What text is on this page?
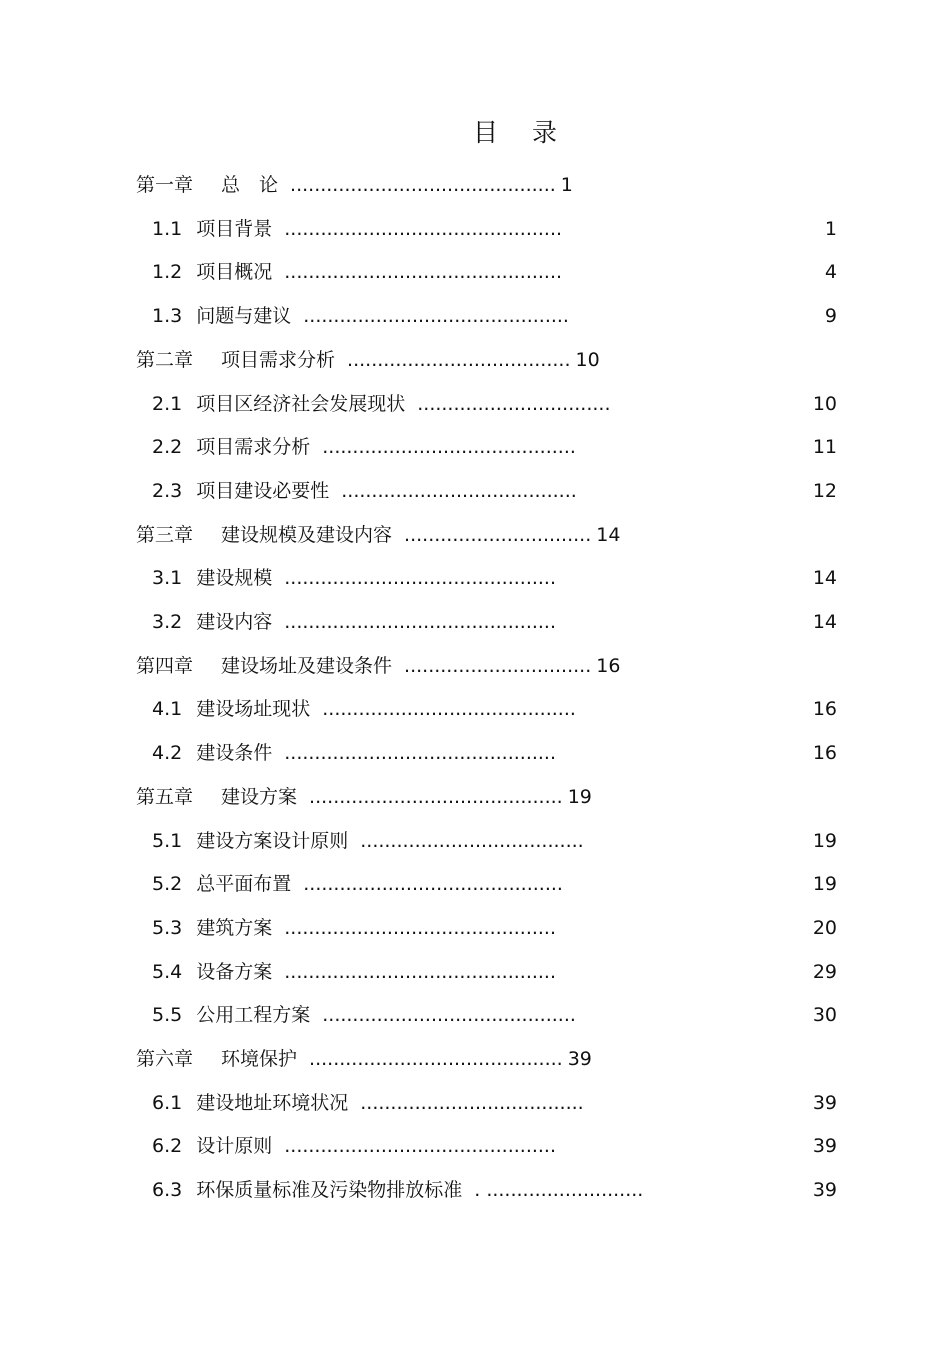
目 录
第一章 总　论 ............................................ 1
1.1 项目背景 ..............................................	1
1.2 项目概况 ..............................................	4
1.3 问题与建议 ............................................	9
第二章 项目需求分析 ..................................... 10
2.1 项目区经济社会发展现状 ................................	10
2.2 项目需求分析 ..........................................	11
2.3 项目建设必要性 .......................................	12
第三章 建设规模及建设内容 ............................... 14
3.1 建设规模 .............................................	14
3.2 建设内容 .............................................	14
第四章 建设场址及建设条件 ............................... 16
4.1 建设场址现状 ..........................................	16
4.2 建设条件 .............................................	16
第五章 建设方案 .......................................... 19
5.1 建设方案设计原则 .....................................	19
5.2 总平面布置 ...........................................	19
5.3 建筑方案 .............................................	20
5.4 设备方案 .............................................	29
5.5 公用工程方案 ..........................................	30
第六章 环境保护 .......................................... 39
6.1 建设地址环境状况 .....................................	39
6.2 设计原则 .............................................	39
6.3 环保质量标准及污染物排放标准 . ..........................	39
